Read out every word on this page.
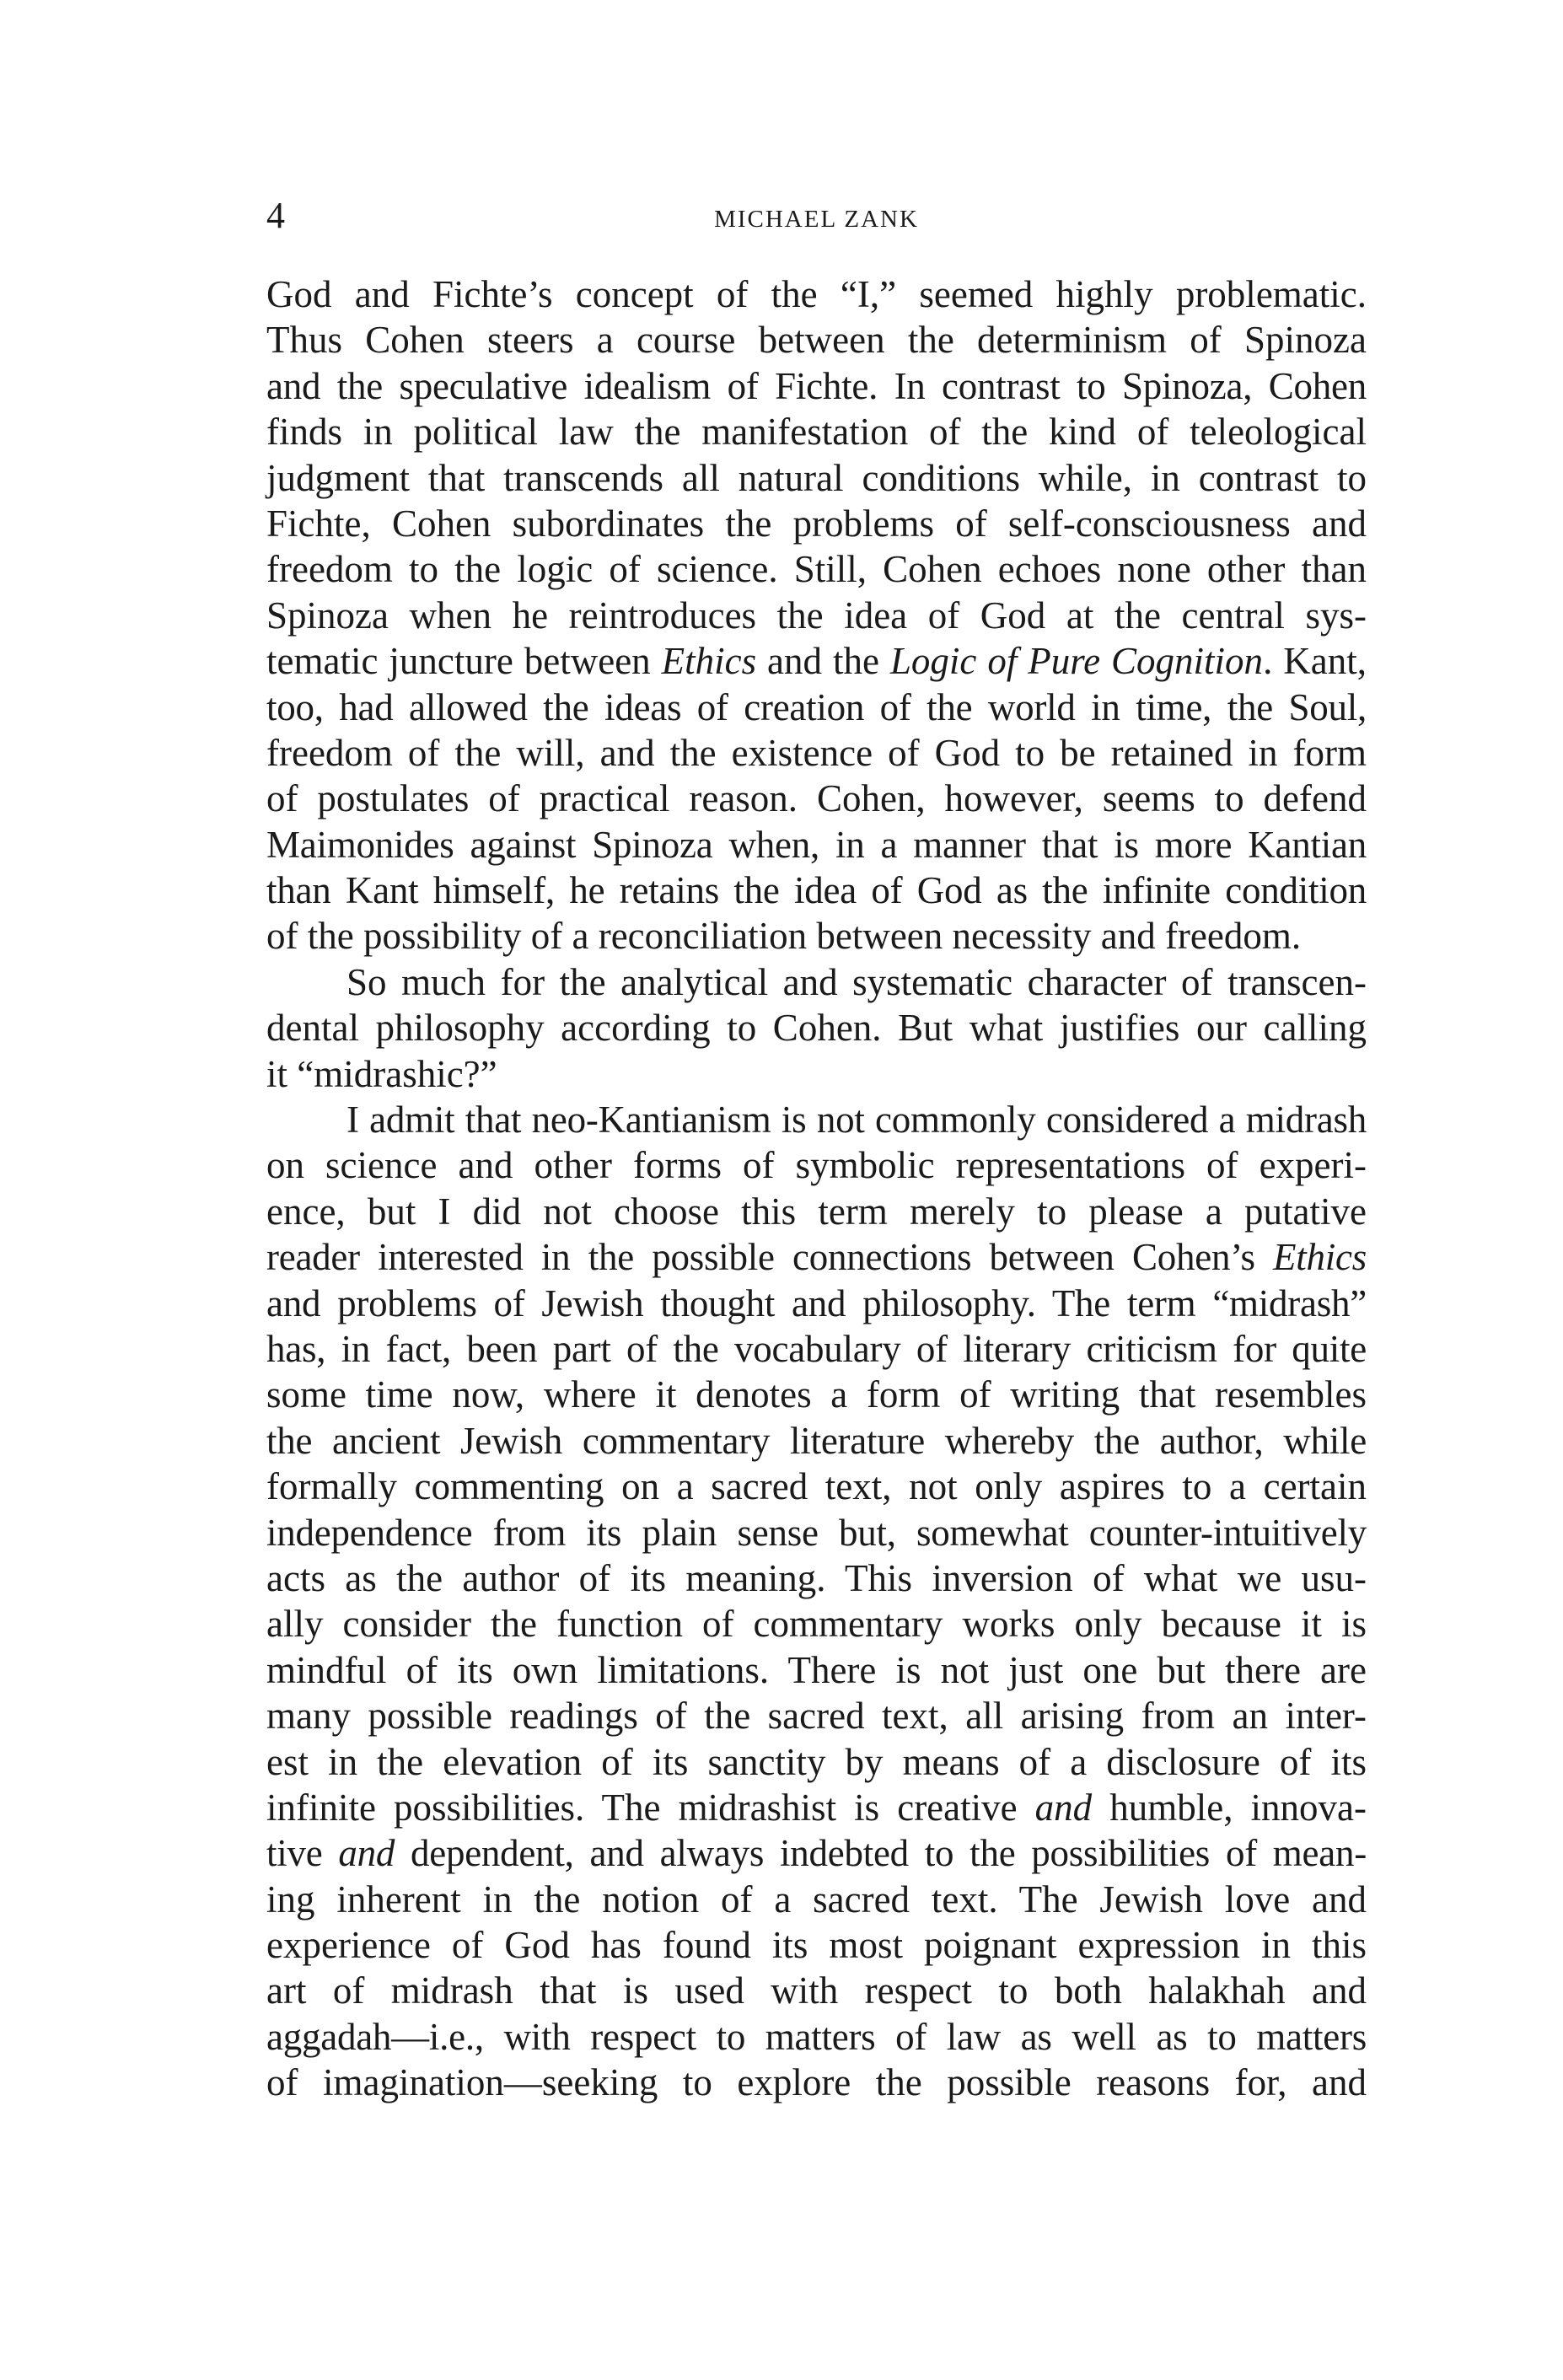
4	MICHAEL ZANK
God and Fichte’s concept of the “I,” seemed highly problematic.
Thus Cohen steers a course between the determinism of Spinoza
and the speculative idealism of Fichte. In contrast to Spinoza, Cohen
finds in political law the manifestation of the kind of teleological
judgment that transcends all natural conditions while, in contrast to
Fichte, Cohen subordinates the problems of self-consciousness and
freedom to the logic of science. Still, Cohen echoes none other than
Spinoza when he reintroduces the idea of God at the central sys-
tematic juncture between Ethics and the Logic of Pure Cognition. Kant,
too, had allowed the ideas of creation of the world in time, the Soul,
freedom of the will, and the existence of God to be retained in form
of postulates of practical reason. Cohen, however, seems to defend
Maimonides against Spinoza when, in a manner that is more Kantian
than Kant himself, he retains the idea of God as the infinite condition
of the possibility of a reconciliation between necessity and freedom.
So much for the analytical and systematic character of transcen-
dental philosophy according to Cohen. But what justifies our calling
it “midrashic?”
I admit that neo-Kantianism is not commonly considered a midrash
on science and other forms of symbolic representations of experi-
ence, but I did not choose this term merely to please a putative
reader interested in the possible connections between Cohen’s Ethics
and problems of Jewish thought and philosophy. The term “midrash”
has, in fact, been part of the vocabulary of literary criticism for quite
some time now, where it denotes a form of writing that resembles
the ancient Jewish commentary literature whereby the author, while
formally commenting on a sacred text, not only aspires to a certain
independence from its plain sense but, somewhat counter-intuitively
acts as the author of its meaning. This inversion of what we usu-
ally consider the function of commentary works only because it is
mindful of its own limitations. There is not just one but there are
many possible readings of the sacred text, all arising from an inter-
est in the elevation of its sanctity by means of a disclosure of its
infinite possibilities. The midrashist is creative and humble, innova-
tive and dependent, and always indebted to the possibilities of mean-
ing inherent in the notion of a sacred text. The Jewish love and
experience of God has found its most poignant expression in this
art of midrash that is used with respect to both halakhah and
aggadah—i.e., with respect to matters of law as well as to matters
of imagination—seeking to explore the possible reasons for, and
